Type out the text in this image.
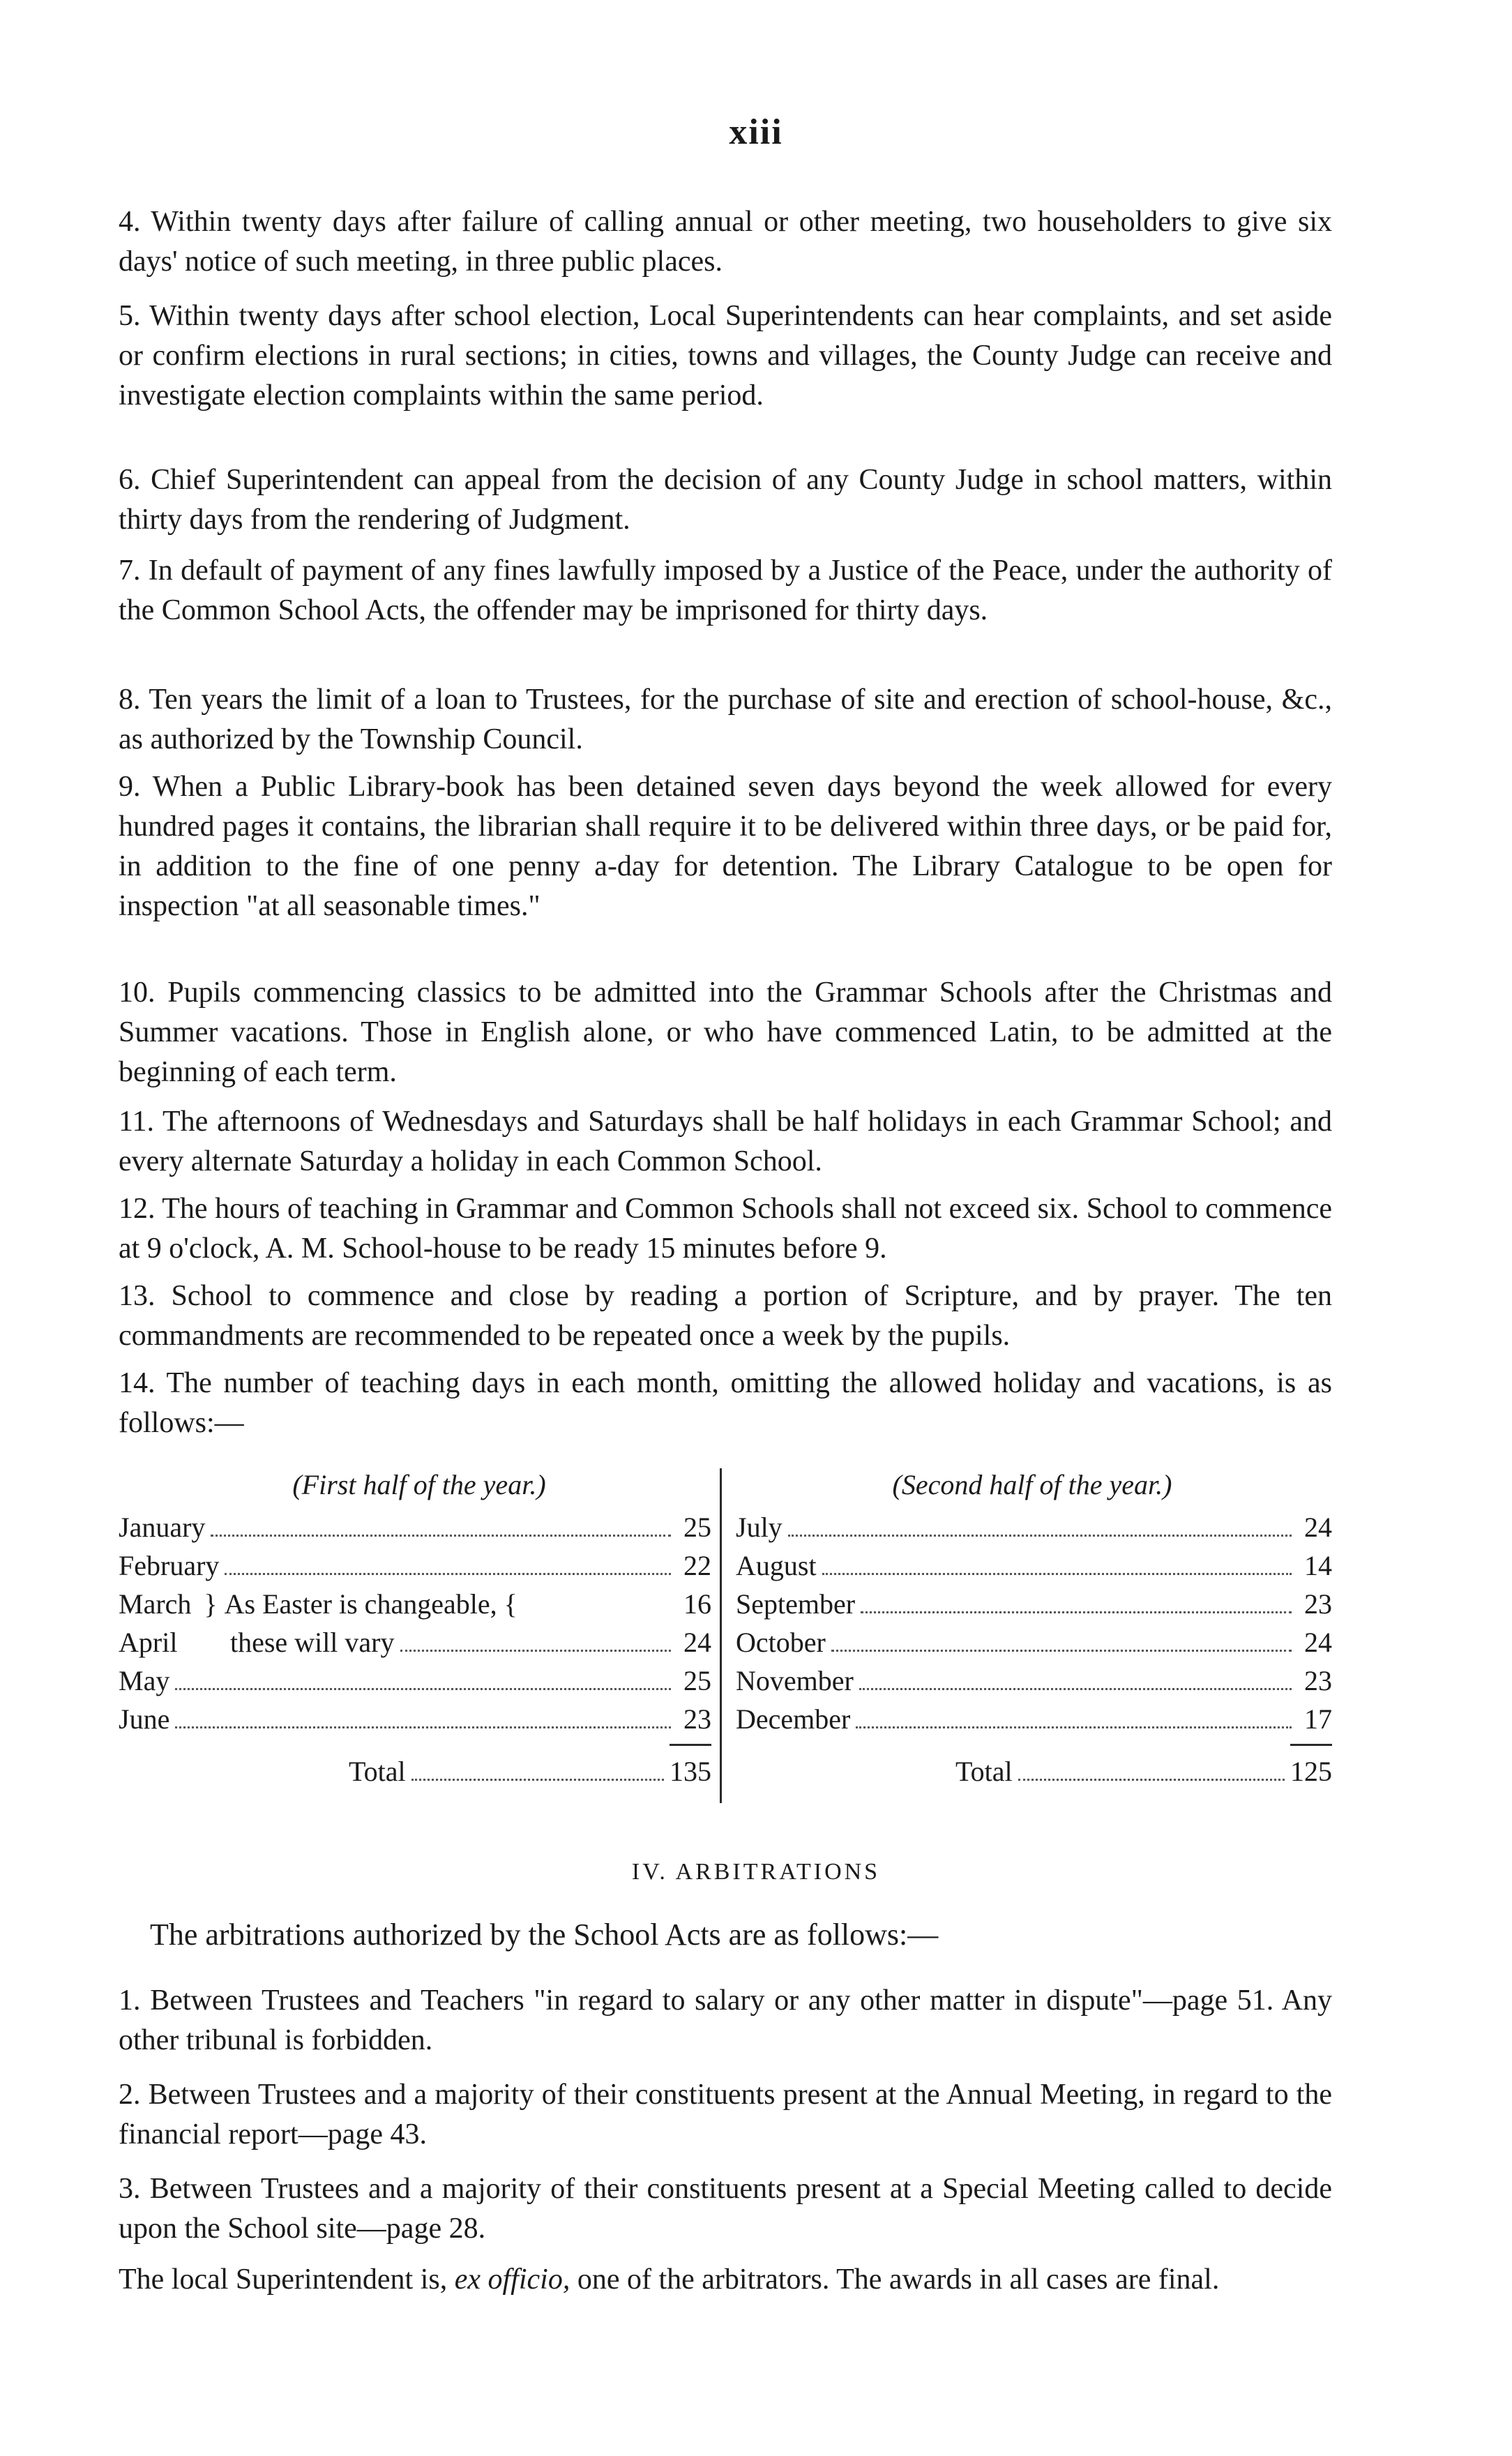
xiii
4. Within twenty days after failure of calling annual or other meeting, two householders to give six days' notice of such meeting, in three public places.
5. Within twenty days after school election, Local Superintendents can hear complaints, and set aside or confirm elections in rural sections; in cities, towns and villages, the County Judge can receive and investigate election complaints within the same period.
6. Chief Superintendent can appeal from the decision of any County Judge in school matters, within thirty days from the rendering of Judgment.
7. In default of payment of any fines lawfully imposed by a Justice of the Peace, under the authority of the Common School Acts, the offender may be imprisoned for thirty days.
8. Ten years the limit of a loan to Trustees, for the purchase of site and erection of school-house, &c., as authorized by the Township Council.
9. When a Public Library-book has been detained seven days beyond the week allowed for every hundred pages it contains, the librarian shall require it to be delivered within three days, or be paid for, in addition to the fine of one penny a-day for detention. The Library Catalogue to be open for inspection "at all seasonable times."
10. Pupils commencing classics to be admitted into the Grammar Schools after the Christmas and Summer vacations. Those in English alone, or who have commenced Latin, to be admitted at the beginning of each term.
11. The afternoons of Wednesdays and Saturdays shall be half holidays in each Grammar School; and every alternate Saturday a holiday in each Common School.
12. The hours of teaching in Grammar and Common Schools shall not exceed six. School to commence at 9 o'clock, A. M. School-house to be ready 15 minutes before 9.
13. School to commence and close by reading a portion of Scripture, and by prayer. The ten commandments are recommended to be repeated once a week by the pupils.
14. The number of teaching days in each month, omitting the allowed holiday and vacations, is as follows:—
(First half of the year.)	(Second half of the year.)
January	25
February	22
March } As Easter is changeable, {	16
April	these will vary	24
May	25
June	23
Total	135
July	24
August	14
September	23
October	24
November	23
December	17
Total	125
IV. ARBITRATIONS
The arbitrations authorized by the School Acts are as follows:—
1. Between Trustees and Teachers "in regard to salary or any other matter in dispute"—page 51. Any other tribunal is forbidden.
2. Between Trustees and a majority of their constituents present at the Annual Meeting, in regard to the financial report—page 43.
3. Between Trustees and a majority of their constituents present at a Special Meeting called to decide upon the School site—page 28.
The local Superintendent is, ex officio, one of the arbitrators. The awards in all cases are final.
